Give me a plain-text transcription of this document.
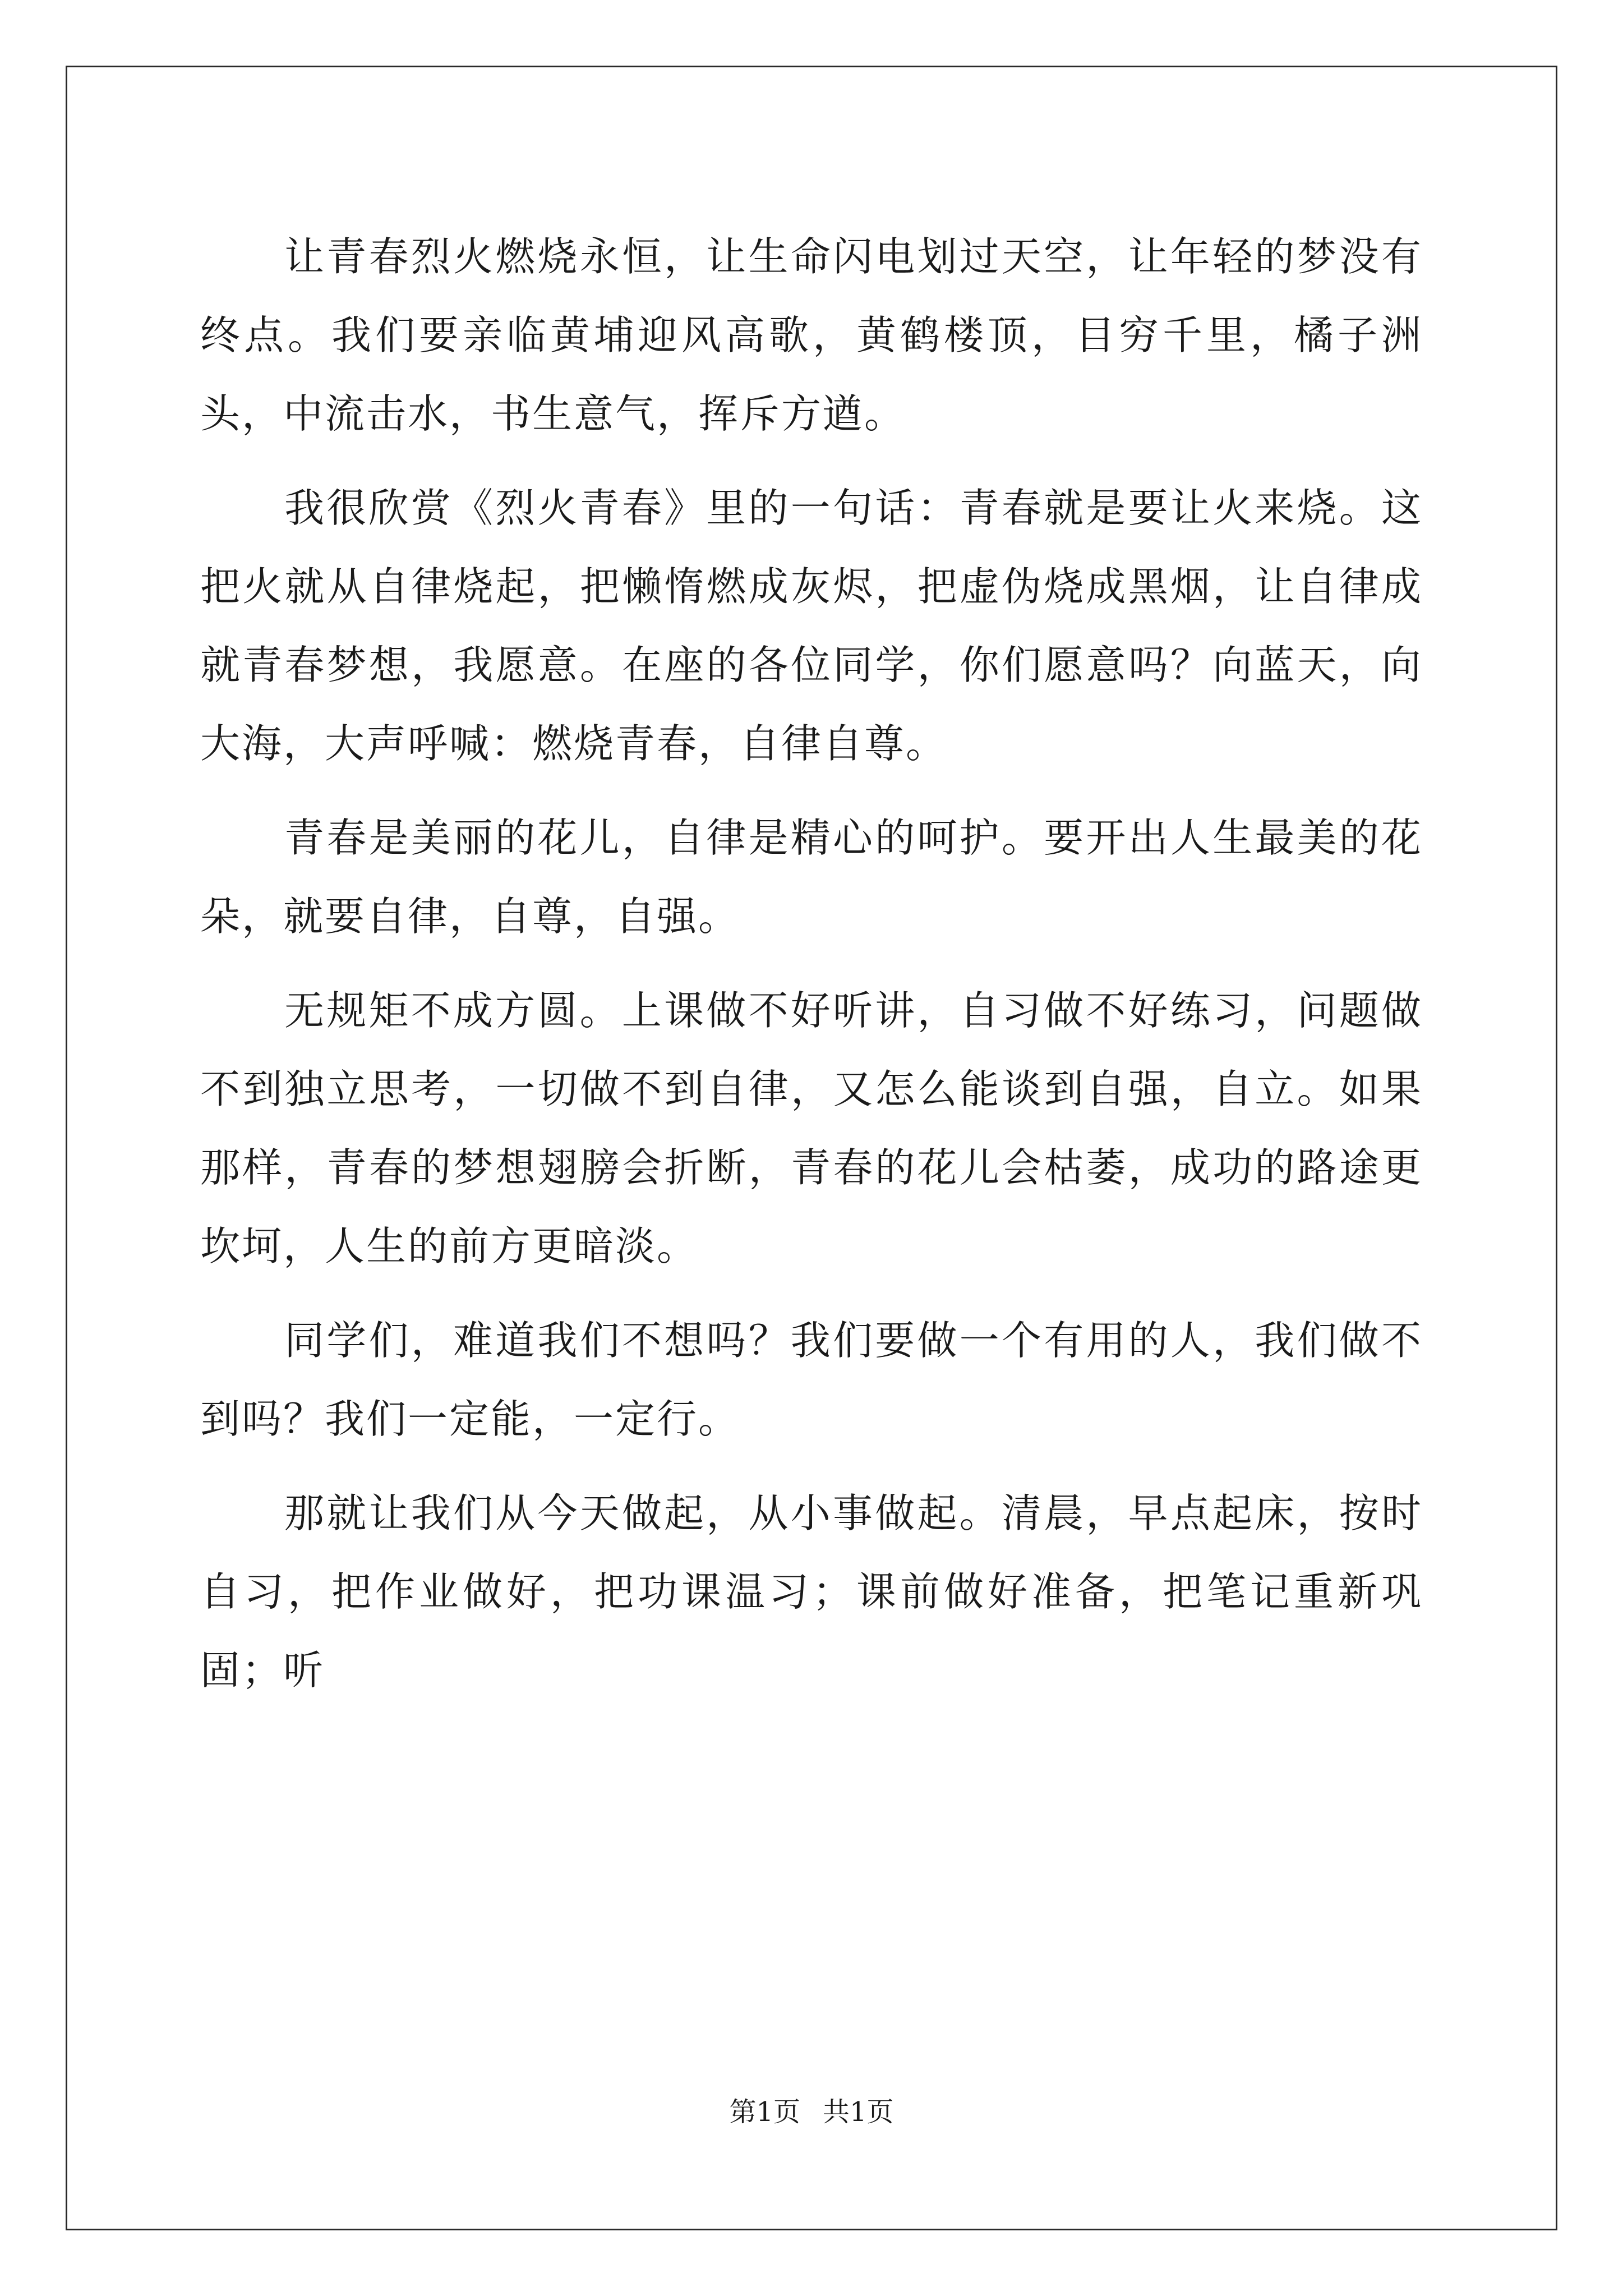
让青春烈火燃烧永恒，让生命闪电划过天空，让年轻的梦没有终点。我们要亲临黄埔迎风高歌，黄鹤楼顶，目穷千里，橘子洲头，中流击水，书生意气，挥斥方遒。

我很欣赏《烈火青春》里的一句话：青春就是要让火来烧。这把火就从自律烧起，把懒惰燃成灰烬，把虚伪烧成黑烟，让自律成就青春梦想，我愿意。在座的各位同学，你们愿意吗？向蓝天，向大海，大声呼喊：燃烧青春，自律自尊。

青春是美丽的花儿，自律是精心的呵护。要开出人生最美的花朵，就要自律，自尊，自强。

无规矩不成方圆。上课做不好听讲，自习做不好练习，问题做不到独立思考，一切做不到自律，又怎么能谈到自强，自立。如果那样，青春的梦想翅膀会折断，青春的花儿会枯萎，成功的路途更坎坷，人生的前方更暗淡。

同学们，难道我们不想吗？我们要做一个有用的人，我们做不到吗？我们一定能，一定行。

那就让我们从今天做起，从小事做起。清晨，早点起床，按时自习，把作业做好，把功课温习；课前做好准备，把笔记重新巩固；听

第1页 共1页
